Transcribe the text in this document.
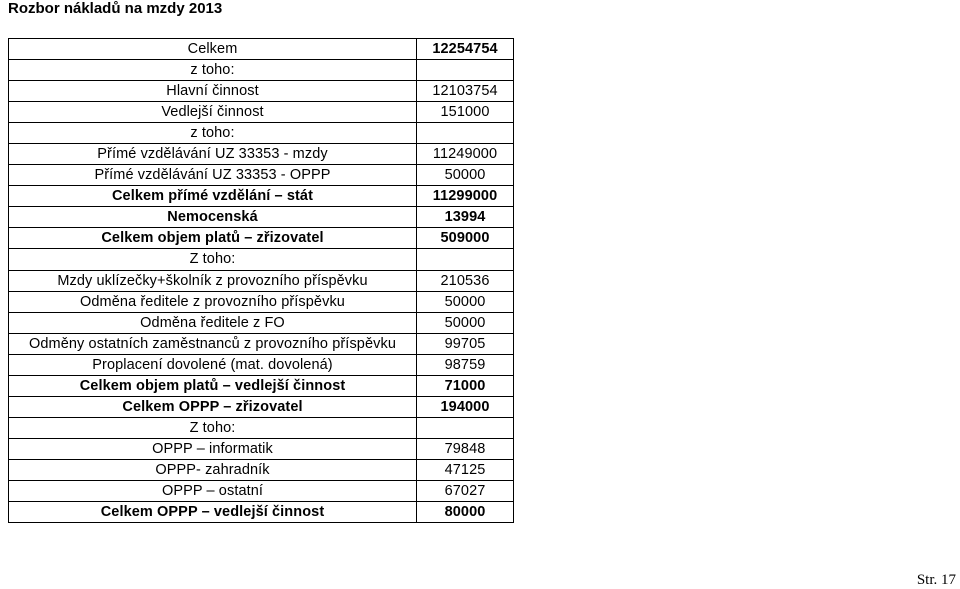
Rozbor nákladů na mzdy 2013
Celkem	12254754
z toho:	
Hlavní činnost	12103754
Vedlejší činnost	151000
z toho:	
Přímé vzdělávání UZ 33353 - mzdy	11249000
Přímé vzdělávání UZ 33353 - OPPP	50000
Celkem přímé vzdělání – stát	11299000
Nemocenská	13994
Celkem objem platů – zřizovatel	509000
Z toho:	
Mzdy uklízečky+školník z provozního příspěvku	210536
Odměna ředitele z provozního příspěvku	50000
Odměna ředitele z FO	50000
Odměny ostatních zaměstnanců z provozního příspěvku	99705
Proplacení dovolené (mat. dovolená)	98759
Celkem objem platů – vedlejší činnost	71000
Celkem OPPP – zřizovatel	194000
Z toho:	
OPPP – informatik	79848
OPPP- zahradník	47125
OPPP – ostatní	67027
Celkem OPPP – vedlejší činnost	80000
Str. 17
